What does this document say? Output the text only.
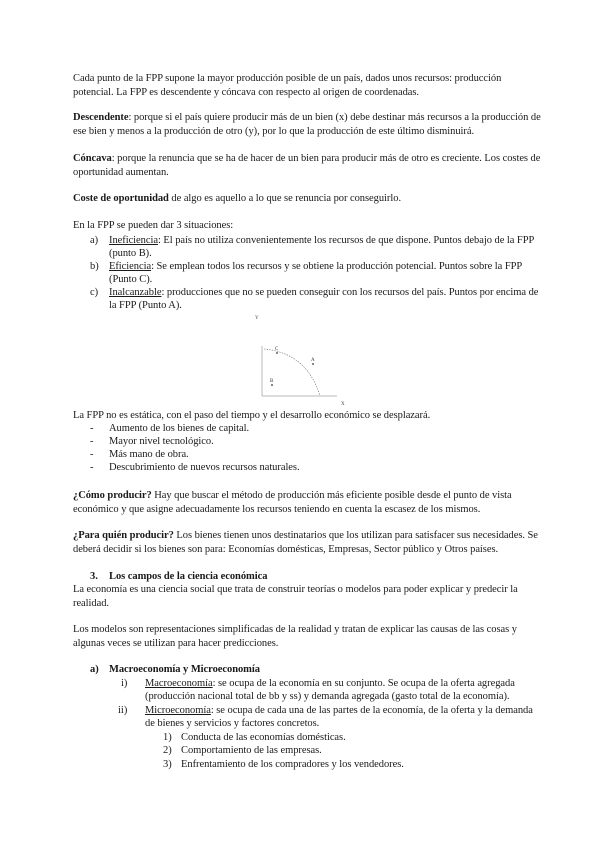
Cada punto de la FPP supone la mayor producción posible de un país, dados unos recursos: producción
potencial. La FPP es descendente y cóncava con respecto al origen de coordenadas.
Descendente: porque si el país quiere producir más de un bien (x) debe destinar más recursos a la producción de
ese bien y menos a la producción de otro (y), por lo que la producción de este último disminuirá.
Cóncava: porque la renuncia que se ha de hacer de un bien para producir más de otro es creciente. Los costes de
oportunidad aumentan.
Coste de oportunidad de algo es aquello a lo que se renuncia por conseguirlo.
En la FPP se pueden dar 3 situaciones:
a) Ineficiencia: El país no utiliza convenientemente los recursos de que dispone. Puntos debajo de la FPP
(punto B).
b) Eficiencia: Se emplean todos los recursos y se obtiene la producción potencial. Puntos sobre la FPP
(Punto C).
c) Inalcanzable: producciones que no se pueden conseguir con los recursos del país. Puntos por encima de
la FPP (Punto A).
Y
X
C
A
B
La FPP no es estática, con el paso del tiempo y el desarrollo económico se desplazará.
- Aumento de los bienes de capital.
- Mayor nivel tecnológico.
- Más mano de obra.
- Descubrimiento de nuevos recursos naturales.
¿Cómo producir? Hay que buscar el método de producción más eficiente posible desde el punto de vista
económico y que asigne adecuadamente los recursos teniendo en cuenta la escasez de los mismos.
¿Para quién producir? Los bienes tienen unos destinatarios que los utilizan para satisfacer sus necesidades. Se
deberá decidir si los bienes son para: Economías domésticas, Empresas, Sector público y Otros países.
3. Los campos de la ciencia económica
La economía es una ciencia social que trata de construir teorías o modelos para poder explicar y predecir la
realidad.
Los modelos son representaciones simplificadas de la realidad y tratan de explicar las causas de las cosas y
algunas veces se utilizan para hacer predicciones.
a) Macroeconomía y Microeconomía
i) Macroeconomía: se ocupa de la economía en su conjunto. Se ocupa de la oferta agregada
(producción nacional total de bb y ss) y demanda agregada (gasto total de la economía).
ii) Microeconomía: se ocupa de cada una de las partes de la economía, de la oferta y la demanda
de bienes y servicios y factores concretos.
1) Conducta de las economías domésticas.
2) Comportamiento de las empresas.
3) Enfrentamiento de los compradores y los vendedores.
